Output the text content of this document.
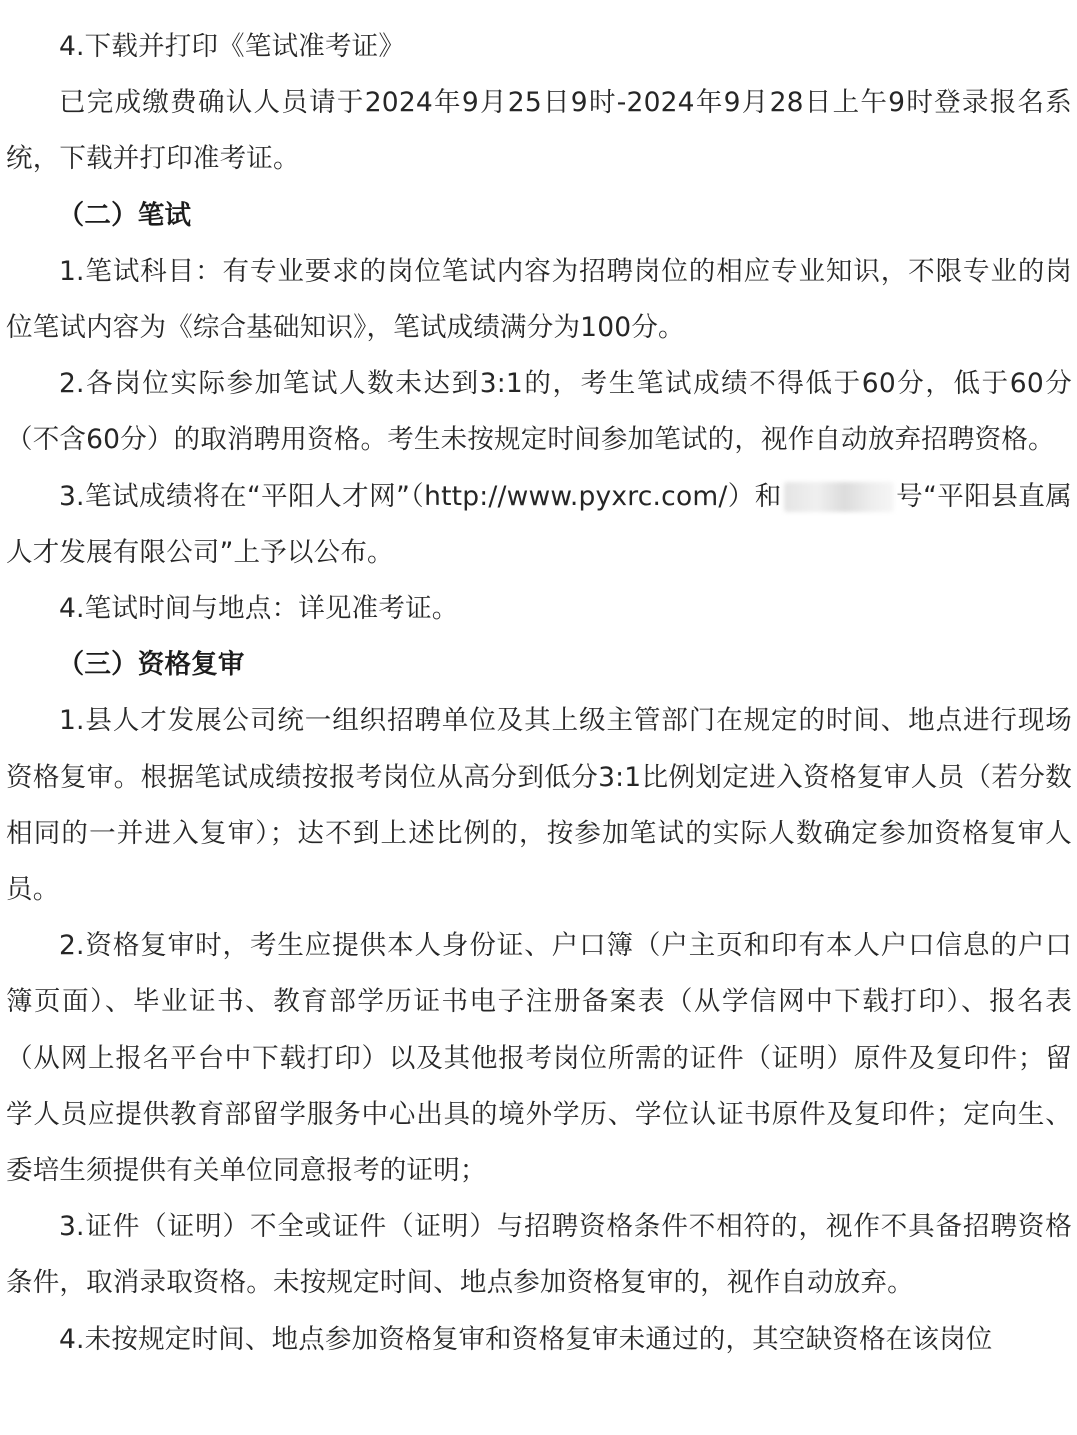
4.下载并打印《笔试准考证》

已完成缴费确认人员请于2024年9月25日9时-2024年9月28日上午9时登录报名系统，下载并打印准考证。

（二）笔试

1.笔试科目：有专业要求的岗位笔试内容为招聘岗位的相应专业知识，不限专业的岗位笔试内容为《综合基础知识》，笔试成绩满分为100分。

2.各岗位实际参加笔试人数未达到3:1的，考生笔试成绩不得低于60分，低于60分（不含60分）的取消聘用资格。考生未按规定时间参加笔试的，视作自动放弃招聘资格。

3.笔试成绩将在“平阳人才网”（http://www.pyxrc.com/）和	号“平阳县直属人才发展有限公司”上予以公布。

4.笔试时间与地点：详见准考证。

（三）资格复审

1.县人才发展公司统一组织招聘单位及其上级主管部门在规定的时间、地点进行现场资格复审。根据笔试成绩按报考岗位从高分到低分3:1比例划定进入资格复审人员（若分数相同的一并进入复审）；达不到上述比例的，按参加笔试的实际人数确定参加资格复审人员。

2.资格复审时，考生应提供本人身份证、户口簿（户主页和印有本人户口信息的户口簿页面）、毕业证书、教育部学历证书电子注册备案表（从学信网中下载打印）、报名表（从网上报名平台中下载打印）以及其他报考岗位所需的证件（证明）原件及复印件；留学人员应提供教育部留学服务中心出具的境外学历、学位认证书原件及复印件；定向生、委培生须提供有关单位同意报考的证明；

3.证件（证明）不全或证件（证明）与招聘资格条件不相符的，视作不具备招聘资格条件，取消录取资格。未按规定时间、地点参加资格复审的，视作自动放弃。

4.未按规定时间、地点参加资格复审和资格复审未通过的，其空缺资格在该岗位
